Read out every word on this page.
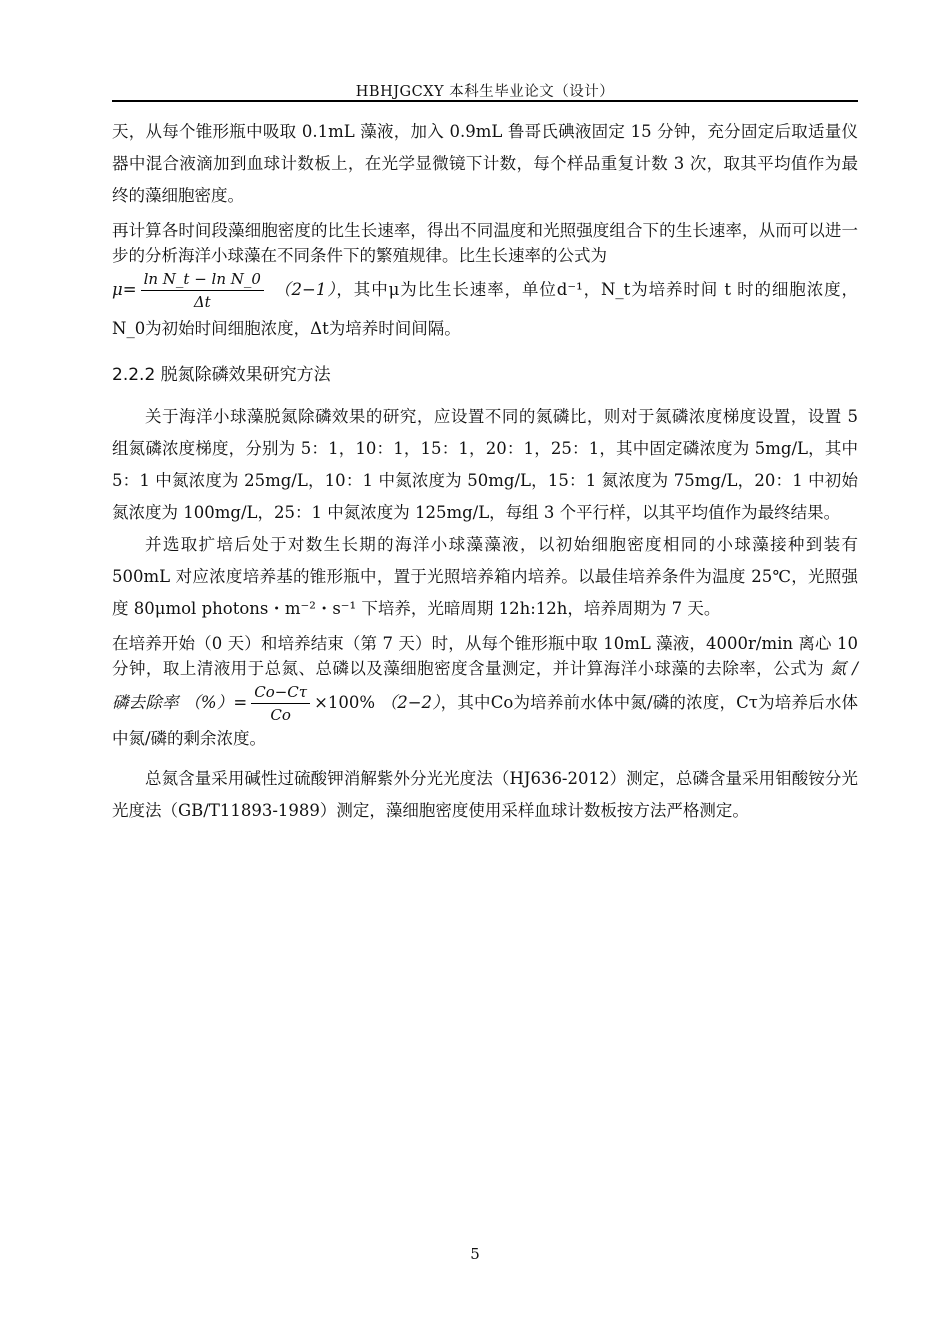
HBHJGCXY 本科生毕业论文（设计）

天，从每个锥形瓶中吸取 0.1mL 藻液，加入 0.9mL 鲁哥氏碘液固定 15 分钟，充分固定后取适量仪器中混合液滴加到血球计数板上，在光学显微镜下计数，每个样品重复计数 3 次，取其平均值作为最终的藻细胞密度。

再计算各时间段藻细胞密度的比生长速率，得出不同温度和光照强度组合下的生长速率，从而可以进一步的分析海洋小球藻在不同条件下的繁殖规律。比生长速率的公式为

$\mu= \frac{\text{ln N\_t − ln N\_0}}{\Delta t} (2-1)$，其中μ为比生长速率，单位d⁻¹，N_t为培养时间 t 时的细胞浓度，N_0为初始时间细胞浓度，Δt为培养时间间隔。

2.2.2 脱氮除磷效果研究方法

关于海洋小球藻脱氮除磷效果的研究，应设置不同的氮磷比，则对于氮磷浓度梯度设置，设置 5 组氮磷浓度梯度，分别为 5：1，10：1，15：1，20：1，25：1，其中固定磷浓度为 5mg/L，其中 5：1 中氮浓度为 25mg/L，10：1 中氮浓度为 50mg/L，15：1 氮浓度为 75mg/L，20：1 中初始氮浓度为 100mg/L，25：1 中氮浓度为 125mg/L，每组 3 个平行样，以其平均值作为最终结果。

并选取扩培后处于对数生长期的海洋小球藻藻液，以初始细胞密度相同的小球藻接种到装有 500mL 对应浓度培养基的锥形瓶中，置于光照培养箱内培养。以最佳培养条件为温度 25℃，光照强度 80μmol photons・m⁻²・s⁻¹ 下培养，光暗周期 12h:12h，培养周期为 7 天。

在培养开始（0 天）和培养结束（第 7 天）时，从每个锥形瓶中取 10mL 藻液，4000r/min 离心 10 分钟，取上清液用于总氮、总磷以及藻细胞密度含量测定，并计算海洋小球藻的去除率，公式为 氮 / 磷去除率 （%）= $\frac{Co-C\tau}{Co} \times 100\%$ （2−2），其中Co为培养前水体中氮/磷的浓度，Cτ为培养后水体中氮/磷的剩余浓度。

总氮含量采用碱性过硫酸钾消解紫外分光光度法（HJ636-2012）测定，总磷含量采用钼酸铵分光光度法（GB/T11893-1989）测定，藻细胞密度使用采样血球计数板按方法严格测定。

5
